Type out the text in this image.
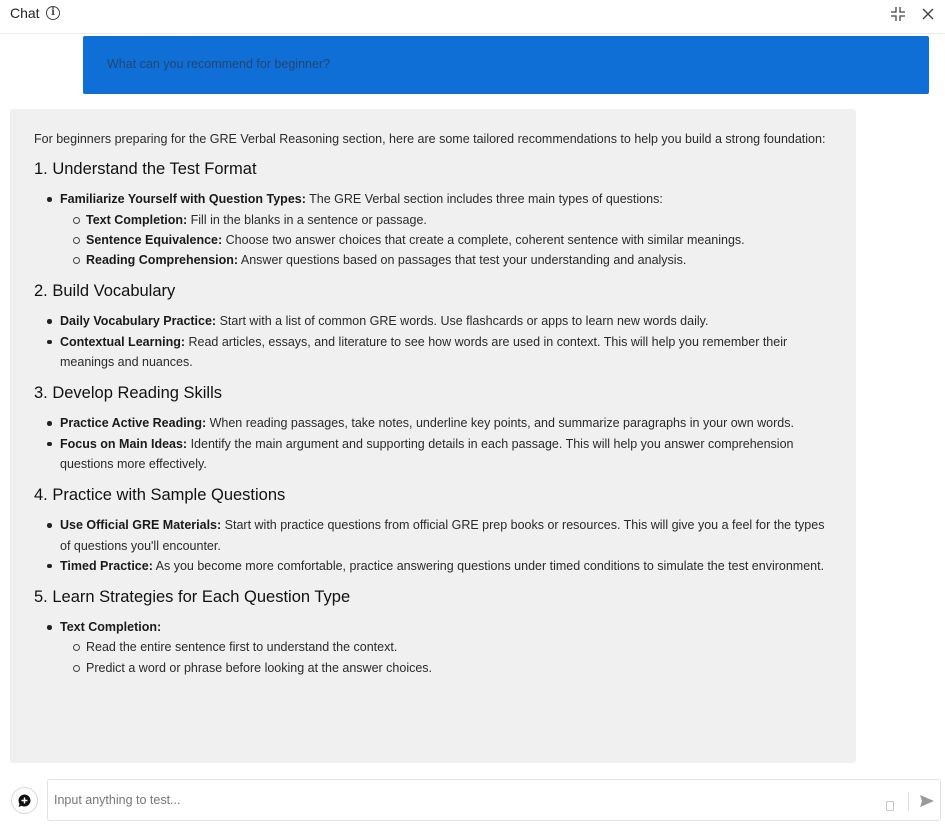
Chat	i
What can you recommend for beginner?

For beginners preparing for the GRE Verbal Reasoning section, here are some tailored recommendations to help you build a strong foundation:

1. Understand the Test Format
Familiarize Yourself with Question Types: The GRE Verbal section includes three main types of questions:
Text Completion: Fill in the blanks in a sentence or passage.
Sentence Equivalence: Choose two answer choices that create a complete, coherent sentence with similar meanings.
Reading Comprehension: Answer questions based on passages that test your understanding and analysis.
2. Build Vocabulary
Daily Vocabulary Practice: Start with a list of common GRE words. Use flashcards or apps to learn new words daily.
Contextual Learning: Read articles, essays, and literature to see how words are used in context. This will help you remember their meanings and nuances.
3. Develop Reading Skills
Practice Active Reading: When reading passages, take notes, underline key points, and summarize paragraphs in your own words.
Focus on Main Ideas: Identify the main argument and supporting details in each passage. This will help you answer comprehension questions more effectively.
4. Practice with Sample Questions
Use Official GRE Materials: Start with practice questions from official GRE prep books or resources. This will give you a feel for the types of questions you'll encounter.
Timed Practice: As you become more comfortable, practice answering questions under timed conditions to simulate the test environment.
5. Learn Strategies for Each Question Type
Text Completion:
Read the entire sentence first to understand the context.
Predict a word or phrase before looking at the answer choices.
Input anything to test...
